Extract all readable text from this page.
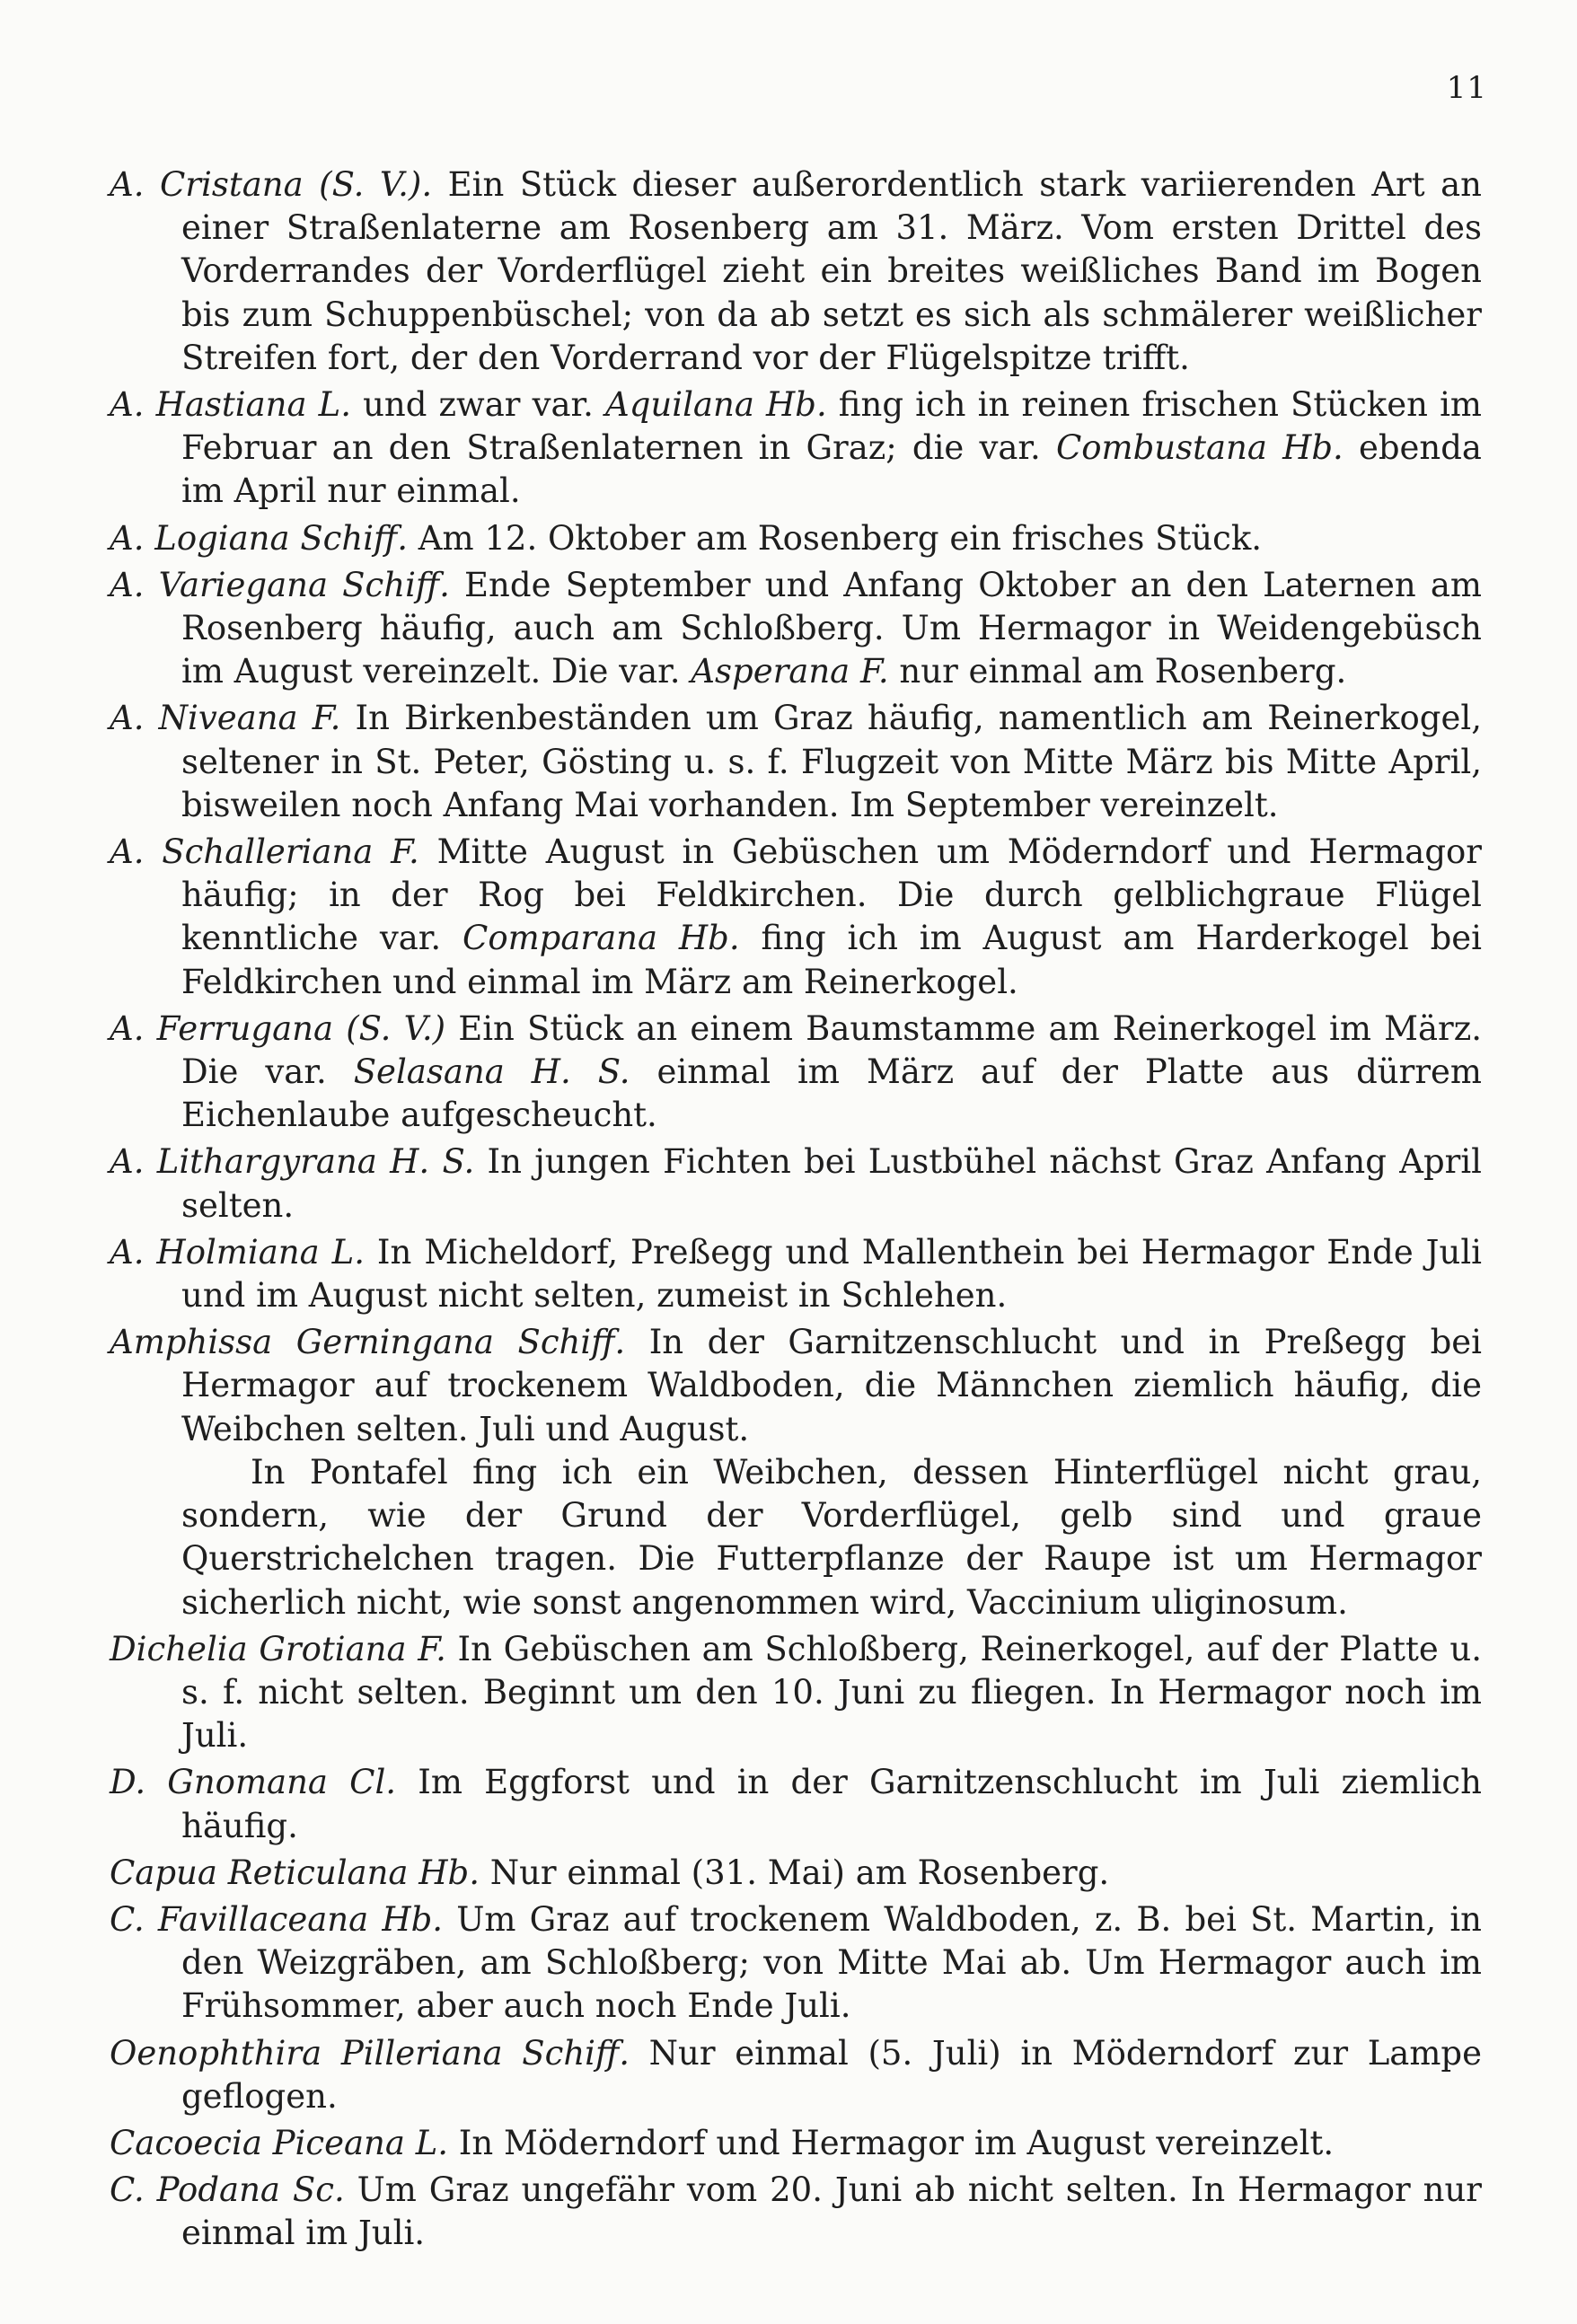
11

A. Cristana (S. V.). Ein Stück dieser außerordentlich stark variierenden Art an einer Straßenlaterne am Rosenberg am 31. März. Vom ersten Drittel des Vorderrandes der Vorderflügel zieht ein breites weißliches Band im Bogen bis zum Schuppenbüschel; von da ab setzt es sich als schmälerer weißlicher Streifen fort, der den Vorderrand vor der Flügelspitze trifft.

A. Hastiana L. und zwar var. Aquilana Hb. fing ich in reinen frischen Stücken im Februar an den Straßenlaternen in Graz; die var. Combustana Hb. ebenda im April nur einmal.

A. Logiana Schiff. Am 12. Oktober am Rosenberg ein frisches Stück.

A. Variegana Schiff. Ende September und Anfang Oktober an den Laternen am Rosenberg häufig, auch am Schloßberg. Um Hermagor in Weidengebüsch im August vereinzelt. Die var. Asperana F. nur einmal am Rosenberg.

A. Niveana F. In Birkenbeständen um Graz häufig, namentlich am Reinerkogel, seltener in St. Peter, Gösting u. s. f. Flugzeit von Mitte März bis Mitte April, bisweilen noch Anfang Mai vorhanden. Im September vereinzelt.

A. Schalleriana F. Mitte August in Gebüschen um Möderndorf und Hermagor häufig; in der Rog bei Feldkirchen. Die durch gelblichgraue Flügel kenntliche var. Comparana Hb. fing ich im August am Harderkogel bei Feldkirchen und einmal im März am Reinerkogel.

A. Ferrugana (S. V.) Ein Stück an einem Baumstamme am Reinerkogel im März. Die var. Selasana H. S. einmal im März auf der Platte aus dürrem Eichenlaube aufgescheucht.

A. Lithargyrana H. S. In jungen Fichten bei Lustbühel nächst Graz Anfang April selten.

A. Holmiana L. In Micheldorf, Preßegg und Mallenthein bei Hermagor Ende Juli und im August nicht selten, zumeist in Schlehen.

Amphissa Gerningana Schiff. In der Garnitzenschlucht und in Preßegg bei Hermagor auf trockenem Waldboden, die Männchen ziemlich häufig, die Weibchen selten. Juli und August.
In Pontafel fing ich ein Weibchen, dessen Hinterflügel nicht grau, sondern, wie der Grund der Vorderflügel, gelb sind und graue Querstrichelchen tragen. Die Futterpflanze der Raupe ist um Hermagor sicherlich nicht, wie sonst angenommen wird, Vaccinium uliginosum.

Dichelia Grotiana F. In Gebüschen am Schloßberg, Reinerkogel, auf der Platte u. s. f. nicht selten. Beginnt um den 10. Juni zu fliegen. In Hermagor noch im Juli.

D. Gnomana Cl. Im Eggforst und in der Garnitzenschlucht im Juli ziemlich häufig.

Capua Reticulana Hb. Nur einmal (31. Mai) am Rosenberg.

C. Favillaceana Hb. Um Graz auf trockenem Waldboden, z. B. bei St. Martin, in den Weizgräben, am Schloßberg; von Mitte Mai ab. Um Hermagor auch im Frühsommer, aber auch noch Ende Juli.

Oenophthira Pilleriana Schiff. Nur einmal (5. Juli) in Möderndorf zur Lampe geflogen.

Cacoecia Piceana L. In Möderndorf und Hermagor im August vereinzelt.

C. Podana Sc. Um Graz ungefähr vom 20. Juni ab nicht selten. In Hermagor nur einmal im Juli.
